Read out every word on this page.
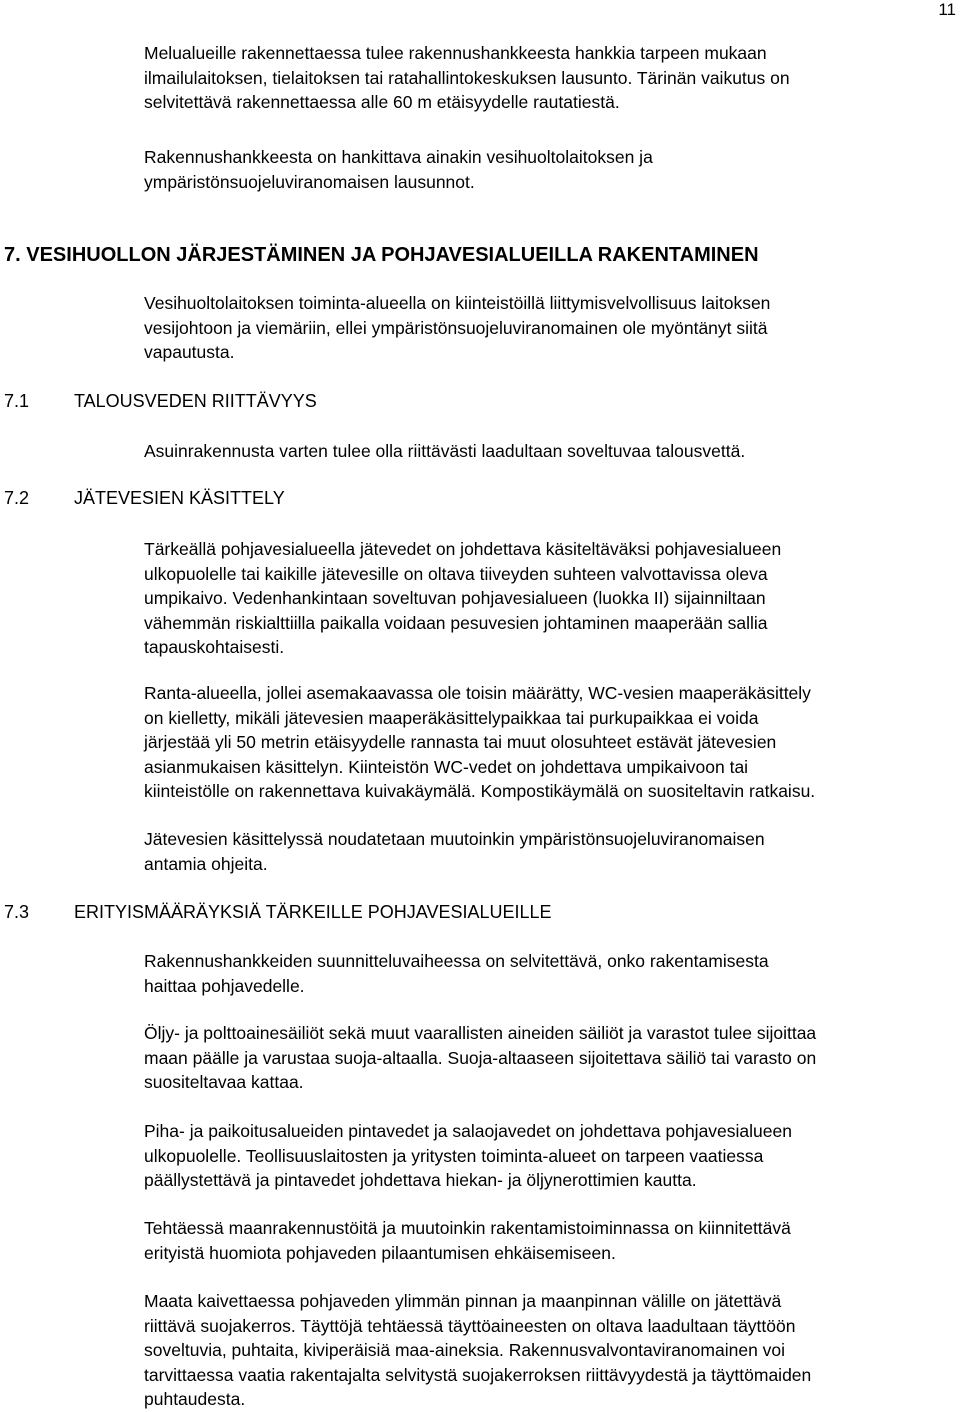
11

Melualueille rakennettaessa tulee rakennushankkeesta hankkia tarpeen mukaan
ilmailulaitoksen, tielaitoksen tai ratahallintokeskuksen lausunto. Tärinän vaikutus on
selvitettävä rakennettaessa alle 60 m etäisyydelle rautatiestä.

Rakennushankkeesta on hankittava ainakin vesihuoltolaitoksen ja
ympäristönsuojeluviranomaisen lausunnot.

7. VESIHUOLLON JÄRJESTÄMINEN JA POHJAVESIALUEILLA RAKENTAMINEN

Vesihuoltolaitoksen toiminta-alueella on kiinteistöillä liittymisvelvollisuus laitoksen
vesijohtoon ja viemäriin, ellei ympäristönsuojeluviranomainen ole myöntänyt siitä
vapautusta.

7.1 TALOUSVEDEN RIITTÄVYYS

Asuinrakennusta varten tulee olla riittävästi laadultaan soveltuvaa talousvettä.

7.2 JÄTEVESIEN KÄSITTELY

Tärkeällä pohjavesialueella jätevedet on johdettava käsiteltäväksi pohjavesialueen
ulkopuolelle tai kaikille jätevesille on oltava tiiveyden suhteen valvottavissa oleva
umpikaivo. Vedenhankintaan soveltuvan pohjavesialueen (luokka II) sijainniltaan
vähemmän riskialttiilla paikalla voidaan pesuvesien johtaminen maaperään sallia
tapauskohtaisesti.

Ranta-alueella, jollei asemakaavassa ole toisin määrätty, WC-vesien maaperäkäsittely
on kielletty, mikäli jätevesien maaperäkäsittelypaikkaa tai purkupaikkaa ei voida
järjestää yli 50 metrin etäisyydelle rannasta tai muut olosuhteet estävät jätevesien
asianmukaisen käsittelyn. Kiinteistön WC-vedet on johdettava umpikaivoon tai
kiinteistölle on rakennettava kuivakäymälä. Kompostikäymälä on suositeltavin ratkaisu.

Jätevesien käsittelyssä noudatetaan muutoinkin ympäristönsuojeluviranomaisen
antamia ohjeita.

7.3 ERITYISMÄÄRÄYKSIÄ TÄRKEILLE POHJAVESIALUEILLE

Rakennushankkeiden suunnitteluvaiheessa on selvitettävä, onko rakentamisesta
haittaa pohjavedelle.

Öljy- ja polttoainesäiliöt sekä muut vaarallisten aineiden säiliöt ja varastot tulee sijoittaa
maan päälle ja varustaa suoja-altaalla. Suoja-altaaseen sijoitettava säiliö tai varasto on
suositeltavaa kattaa.

Piha- ja paikoitusalueiden pintavedet ja salaojavedet on johdettava pohjavesialueen
ulkopuolelle. Teollisuuslaitosten ja yritysten toiminta-alueet on tarpeen vaatiessa
päällystettävä ja pintavedet johdettava hiekan- ja öljynerottimien kautta.

Tehtäessä maanrakennustöitä ja muutoinkin rakentamistoiminnassa on kiinnitettävä
erityistä huomiota pohjaveden pilaantumisen ehkäisemiseen.

Maata kaivettaessa pohjaveden ylimmän pinnan ja maanpinnan välille on jätettävä
riittävä suojakerros. Täyttöjä tehtäessä täyttöaineesten on oltava laadultaan täyttöön
soveltuvia, puhtaita, kiviperäisiä maa-aineksia. Rakennusvalvontaviranomainen voi
tarvittaessa vaatia rakentajalta selvitystä suojakerroksen riittävyydestä ja täyttömaiden
puhtaudesta.
